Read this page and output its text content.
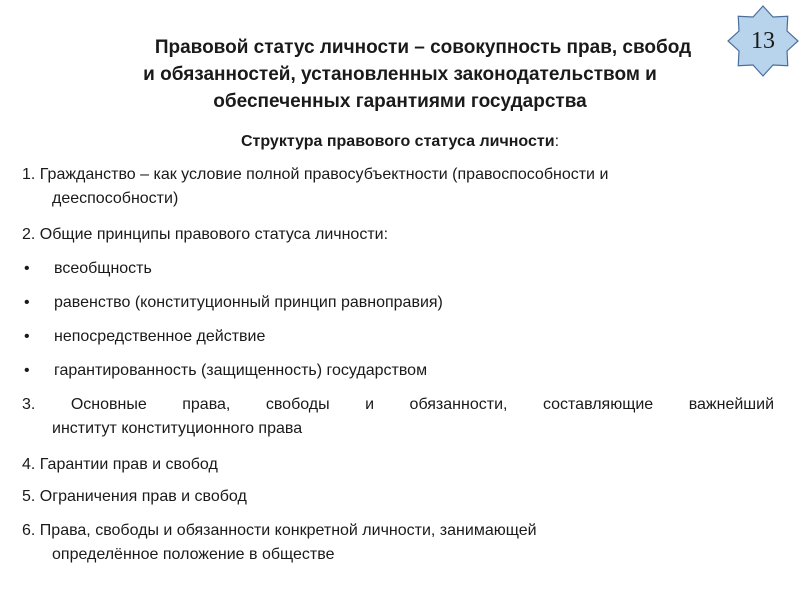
Правовой статус личности – совокупность прав, свобод
и обязанностей, установленных законодательством и
обеспеченных гарантиями государства
13
Структура правового статуса личности:
1. Гражданство – как условие полной правосубъектности (правоспособности и
дееспособности)
2. Общие принципы правового статуса личности:
• всеобщность
• равенство (конституционный принцип равноправия)
• непосредственное действие
• гарантированность (защищенность) государством
3. Основные права, свободы и обязанности, составляющие важнейший
институт конституционного права
4. Гарантии прав и свобод
5. Ограничения прав и свобод
6. Права, свободы и обязанности конкретной личности, занимающей
определённое положение в обществе
